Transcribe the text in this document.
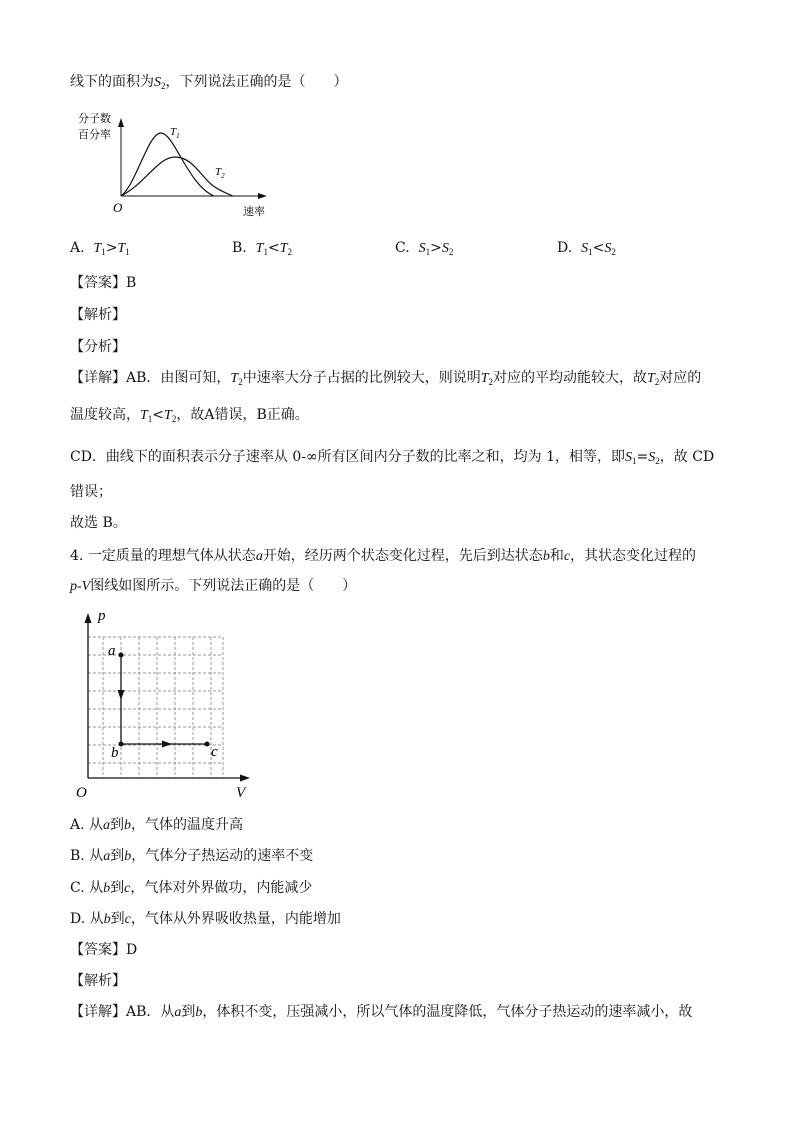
线下的面积为$S_2$，下列说法正确的是（　　）
分子数
百分率	$T_1$
$T_2$
O	速率
A. $T_1>T_1$	B. $T_1<T_2$	C. $S_1>S_2$	D. $S_1<S_2$
【答案】B
【解析】
【分析】
【详解】AB．由图可知，$T_2$中速率大分子占据的比例较大，则说明$T_2$对应的平均动能较大，故$T_2$对应的
温度较高，$T_1<T_2$，故A错误，B正确。
CD．曲线下的面积表示分子速率从 0-∞所有区间内分子数的比率之和，均为 1，相等，即$S_1=S_2$，故 CD
错误；
故选 B。
4. 一定质量的理想气体从状态a开始，经历两个状态变化过程，先后到达状态b和c，其状态变化过程的
p-V图线如图所示。下列说法正确的是（　　）
p
a
b	c
O	V
A. 从a到b，气体的温度升高
B. 从a到b，气体分子热运动的速率不变
C. 从b到c，气体对外界做功，内能减少
D. 从b到c，气体从外界吸收热量，内能增加
【答案】D
【解析】
【详解】AB．从a到b，体积不变，压强减小，所以气体的温度降低，气体分子热运动的速率减小，故
